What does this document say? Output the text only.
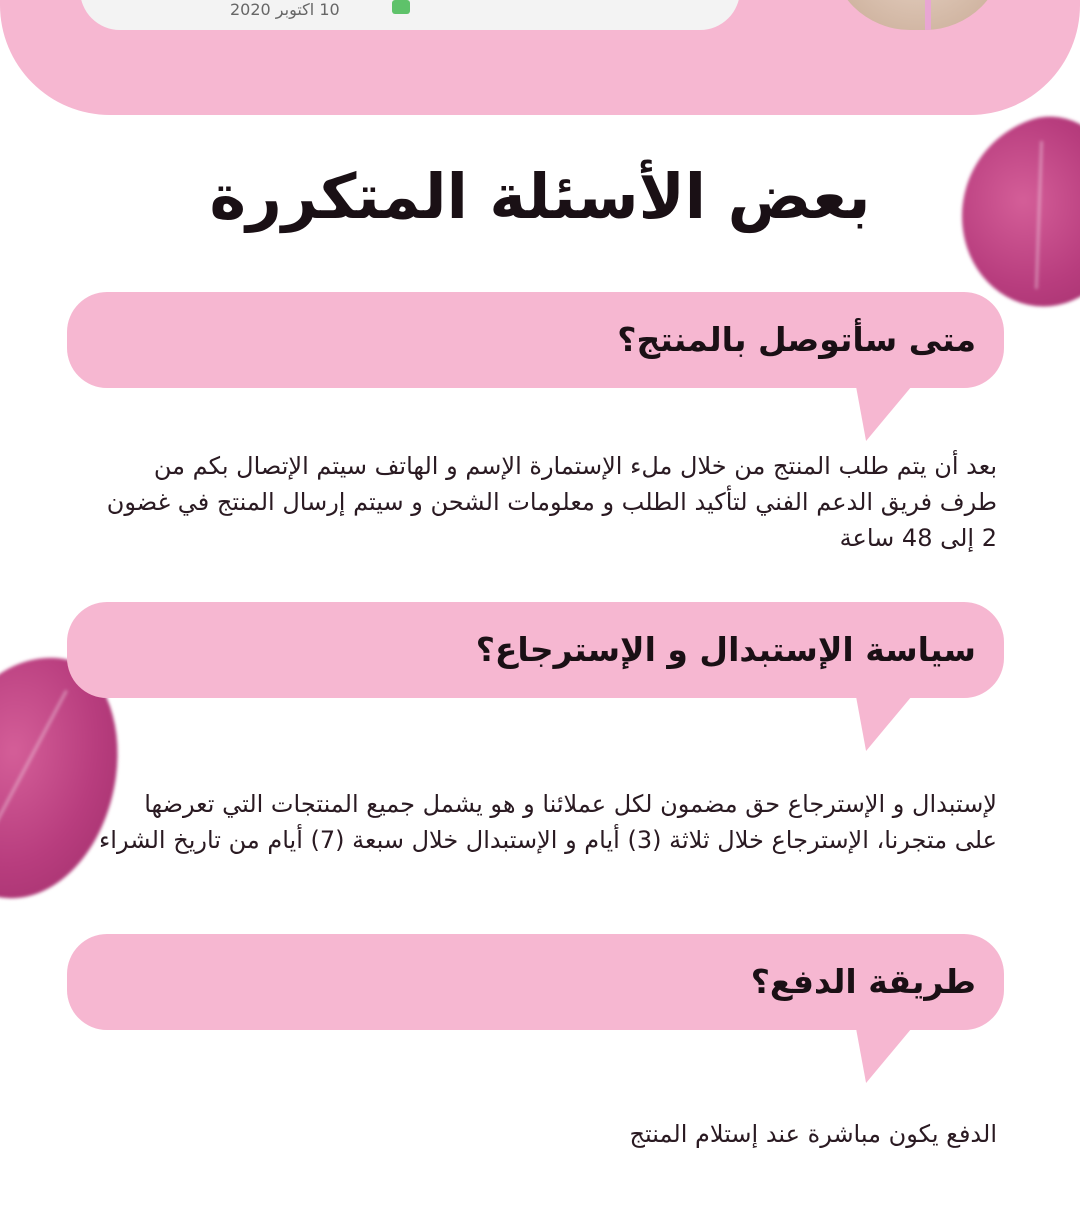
10 اكتوبر 2020
بعض الأسئلة المتكررة
متى سأتوصل بالمنتج؟
بعد أن يتم طلب المنتج من خلال ملء الإستمارة الإسم و الهاتف سيتم الإتصال بكم من طرف فريق الدعم الفني لتأكيد الطلب و معلومات الشحن و سيتم إرسال المنتج في غضون 2 إلى 48 ساعة
سياسة الإستبدال و الإسترجاع؟
لإستبدال و الإسترجاع حق مضمون لكل عملائنا و هو يشمل جميع المنتجات التي تعرضها على متجرنا، الإسترجاع خلال ثلاثة (3) أيام و الإستبدال خلال سبعة (7) أيام من تاريخ الشراء
طريقة الدفع؟
الدفع يكون مباشرة عند إستلام المنتج
